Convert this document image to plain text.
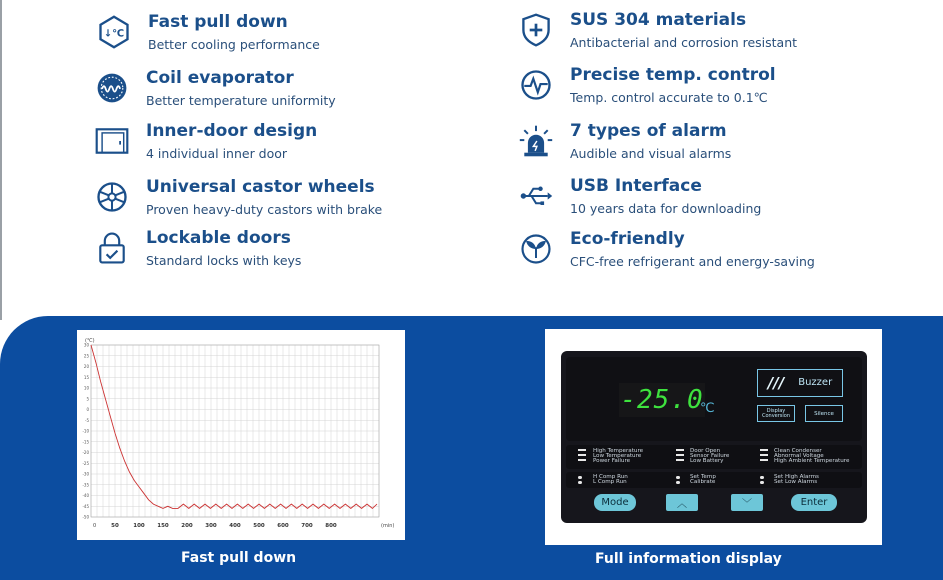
↓℃
Fast pull down
Better cooling performance
Coil evaporator
Better temperature uniformity
Inner-door design
4 individual inner door
Universal castor wheels
Proven heavy-duty castors with brake
Lockable doors
Standard locks with keys
SUS 304 materials
Antibacterial and corrosion resistant
Precise temp. control
Temp. control accurate to 0.1℃
7 types of alarm
Audible and visual alarms
USB Interface
10 years data for downloading
Eco-friendly
CFC-free refrigerant and energy-saving
30
25
20
15
10
5
0
-5
-10
-15
-20
-25
-30
-35
-40
-45
-50
50	100 150 200 300 400 500 600 700 800
(℃)
(min)
0
Fast pull down
-25.0
℃
/// Buzzer
Display Conversion	Silence
High Temperature
Low Temperature
Power Failure
Door Open
Sensor Failure
Low Battery
Clean Condenser
Abnormal Voltage
High Ambient Temperature
H Comp Run
L Comp Run
Set Temp
Calibrate
Set High Alarms
Set Low Alarms
Mode	︿	﹀	Enter
Full information display
